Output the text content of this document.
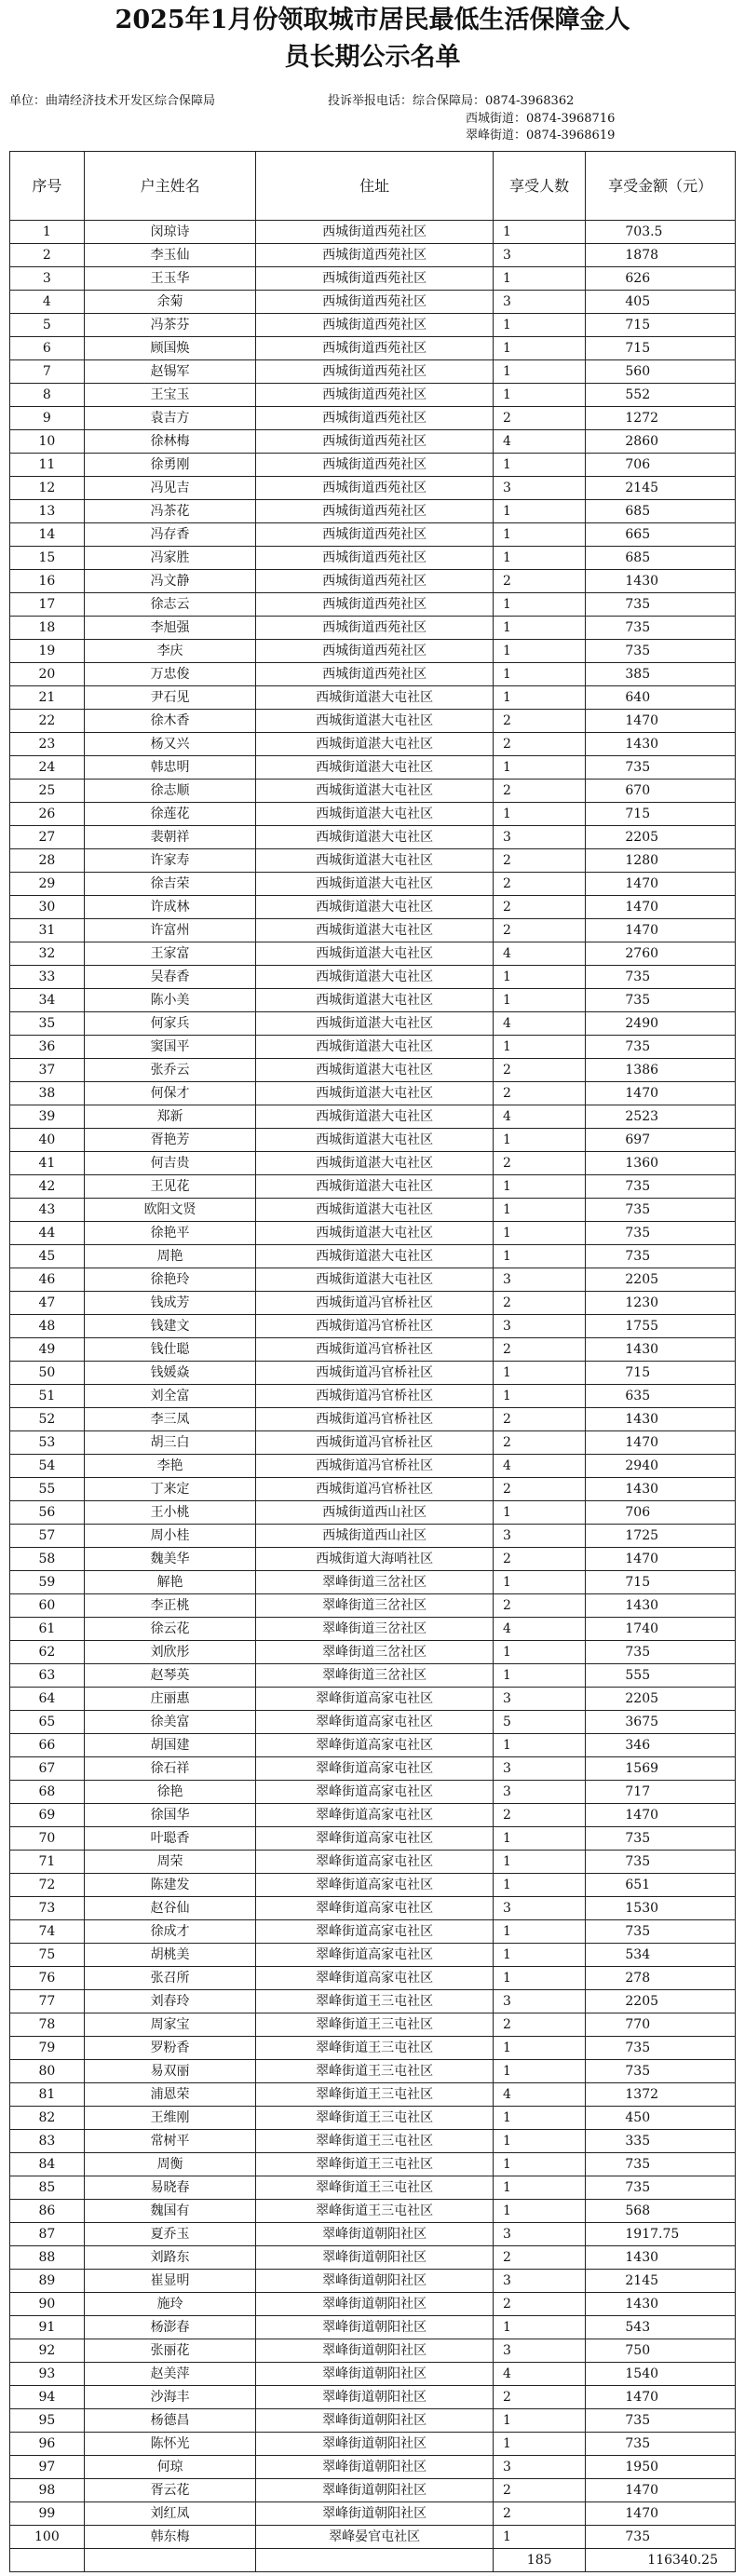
2025年1月份领取城市居民最低生活保障金人
员长期公示名单
单位：曲靖经济技术开发区综合保障局	投诉举报电话：综合保障局：0874-3968362
西城街道：0874-3968716
翠峰街道：0874-3968619
序号	户主姓名	住址	享受人数	享受金额（元）
1	闵琼诗	西城街道西苑社区	1	703.5
2	李玉仙	西城街道西苑社区	3	1878
3	王玉华	西城街道西苑社区	1	626
4	余菊	西城街道西苑社区	3	405
5	冯茶芬	西城街道西苑社区	1	715
6	顾国焕	西城街道西苑社区	1	715
7	赵锡军	西城街道西苑社区	1	560
8	王宝玉	西城街道西苑社区	1	552
9	袁吉方	西城街道西苑社区	2	1272
10	徐林梅	西城街道西苑社区	4	2860
11	徐勇刚	西城街道西苑社区	1	706
12	冯见吉	西城街道西苑社区	3	2145
13	冯茶花	西城街道西苑社区	1	685
14	冯存香	西城街道西苑社区	1	665
15	冯家胜	西城街道西苑社区	1	685
16	冯文静	西城街道西苑社区	2	1430
17	徐志云	西城街道西苑社区	1	735
18	李旭强	西城街道西苑社区	1	735
19	李庆	西城街道西苑社区	1	735
20	万忠俊	西城街道西苑社区	1	385
21	尹石见	西城街道湛大屯社区	1	640
22	徐木香	西城街道湛大屯社区	2	1470
23	杨又兴	西城街道湛大屯社区	2	1430
24	韩忠明	西城街道湛大屯社区	1	735
25	徐志顺	西城街道湛大屯社区	2	670
26	徐莲花	西城街道湛大屯社区	1	715
27	裴朝祥	西城街道湛大屯社区	3	2205
28	许家寿	西城街道湛大屯社区	2	1280
29	徐吉荣	西城街道湛大屯社区	2	1470
30	许成林	西城街道湛大屯社区	2	1470
31	许富州	西城街道湛大屯社区	2	1470
32	王家富	西城街道湛大屯社区	4	2760
33	吴春香	西城街道湛大屯社区	1	735
34	陈小美	西城街道湛大屯社区	1	735
35	何家兵	西城街道湛大屯社区	4	2490
36	窦国平	西城街道湛大屯社区	1	735
37	张乔云	西城街道湛大屯社区	2	1386
38	何保才	西城街道湛大屯社区	2	1470
39	郑新	西城街道湛大屯社区	4	2523
40	胥艳芳	西城街道湛大屯社区	1	697
41	何吉贵	西城街道湛大屯社区	2	1360
42	王见花	西城街道湛大屯社区	1	735
43	欧阳文贤	西城街道湛大屯社区	1	735
44	徐艳平	西城街道湛大屯社区	1	735
45	周艳	西城街道湛大屯社区	1	735
46	徐艳玲	西城街道湛大屯社区	3	2205
47	钱成芳	西城街道冯官桥社区	2	1230
48	钱建文	西城街道冯官桥社区	3	1755
49	钱仕聪	西城街道冯官桥社区	2	1430
50	钱媛焱	西城街道冯官桥社区	1	715
51	刘全富	西城街道冯官桥社区	1	635
52	李三凤	西城街道冯官桥社区	2	1430
53	胡三白	西城街道冯官桥社区	2	1470
54	李艳	西城街道冯官桥社区	4	2940
55	丁来定	西城街道冯官桥社区	2	1430
56	王小桃	西城街道西山社区	1	706
57	周小桂	西城街道西山社区	3	1725
58	魏美华	西城街道大海哨社区	2	1470
59	解艳	翠峰街道三岔社区	1	715
60	李正桃	翠峰街道三岔社区	2	1430
61	徐云花	翠峰街道三岔社区	4	1740
62	刘欣彤	翠峰街道三岔社区	1	735
63	赵琴英	翠峰街道三岔社区	1	555
64	庄丽惠	翠峰街道高家屯社区	3	2205
65	徐美富	翠峰街道高家屯社区	5	3675
66	胡国建	翠峰街道高家屯社区	1	346
67	徐石祥	翠峰街道高家屯社区	3	1569
68	徐艳	翠峰街道高家屯社区	3	717
69	徐国华	翠峰街道高家屯社区	2	1470
70	叶聪香	翠峰街道高家屯社区	1	735
71	周荣	翠峰街道高家屯社区	1	735
72	陈建发	翠峰街道高家屯社区	1	651
73	赵谷仙	翠峰街道高家屯社区	3	1530
74	徐成才	翠峰街道高家屯社区	1	735
75	胡桃美	翠峰街道高家屯社区	1	534
76	张召所	翠峰街道高家屯社区	1	278
77	刘春玲	翠峰街道王三屯社区	3	2205
78	周家宝	翠峰街道王三屯社区	2	770
79	罗粉香	翠峰街道王三屯社区	1	735
80	易双丽	翠峰街道王三屯社区	1	735
81	浦恩荣	翠峰街道王三屯社区	4	1372
82	王维刚	翠峰街道王三屯社区	1	450
83	常树平	翠峰街道王三屯社区	1	335
84	周衡	翠峰街道王三屯社区	1	735
85	易晓春	翠峰街道王三屯社区	1	735
86	魏国有	翠峰街道王三屯社区	1	568
87	夏乔玉	翠峰街道朝阳社区	3	1917.75
88	刘路东	翠峰街道朝阳社区	2	1430
89	崔显明	翠峰街道朝阳社区	3	2145
90	施玲	翠峰街道朝阳社区	2	1430
91	杨澎春	翠峰街道朝阳社区	1	543
92	张丽花	翠峰街道朝阳社区	3	750
93	赵美萍	翠峰街道朝阳社区	4	1540
94	沙海丰	翠峰街道朝阳社区	2	1470
95	杨德昌	翠峰街道朝阳社区	1	735
96	陈怀光	翠峰街道朝阳社区	1	735
97	何琼	翠峰街道朝阳社区	3	1950
98	胥云花	翠峰街道朝阳社区	2	1470
99	刘红凤	翠峰街道朝阳社区	2	1470
100	韩东梅	翠峰晏官屯社区	1	735
			185	116340.25
